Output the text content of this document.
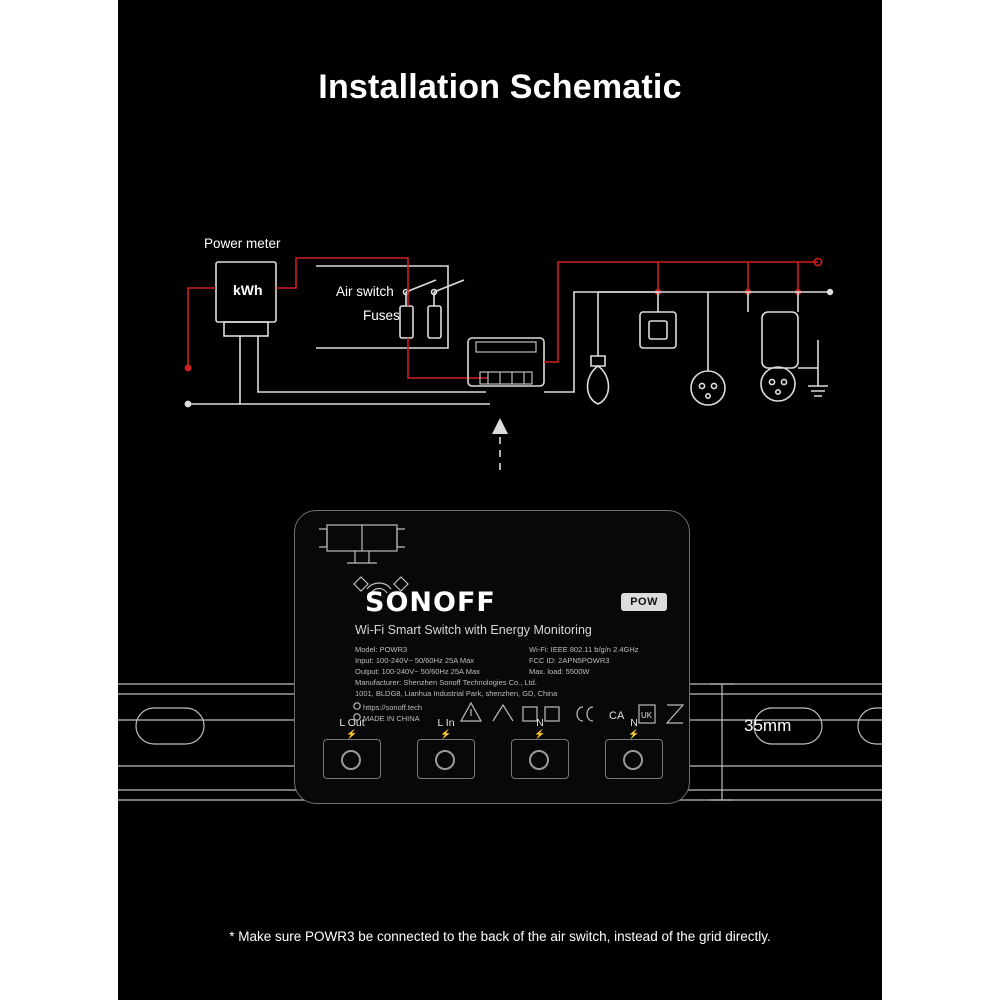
Installation Schematic
Power meter
Air switch
Fuses
kWh
35mm
SONOFF	POW
Wi-Fi Smart Switch with Energy Monitoring
Model: POWR3
Input: 100-240V~ 50/60Hz 25A Max
Output: 100-240V~ 50/60Hz 25A Max
Manufacturer: Shenzhen Sonoff Technologies Co., Ltd.
1001, BLDG8, Lianhua Industrial Park, shenzhen, GD, China
Wi-Fi: IEEE 802.11 b/g/n 2.4GHz
FCC ID: 2APN5POWR3
Max. load: 5500W
https://sonoff.tech
MADE IN CHINA	CA UK
L Out
⚡
L In
⚡
N
⚡
N
⚡
* Make sure POWR3 be connected to the back of the air switch, instead of the grid directly.
